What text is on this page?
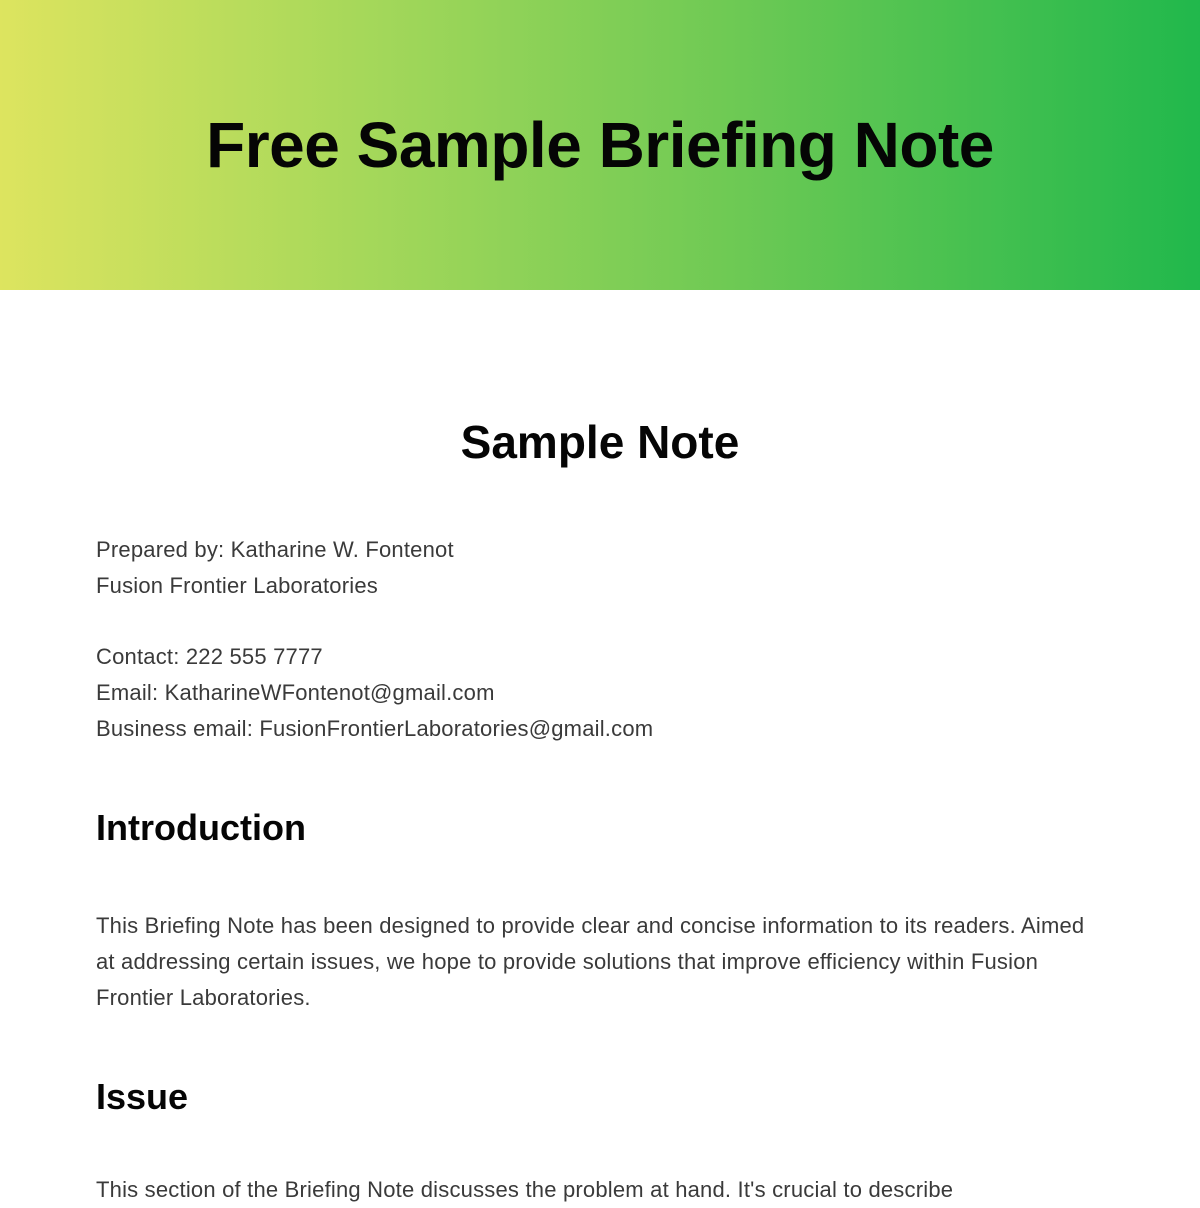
Free Sample Briefing Note
Sample Note
Prepared by: Katharine W. Fontenot
Fusion Frontier Laboratories
Contact: 222 555 7777
Email: KatharineWFontenot@gmail.com
Business email: FusionFrontierLaboratories@gmail.com
Introduction

This Briefing Note has been designed to provide clear and concise information to its readers. Aimed at addressing certain issues, we hope to provide solutions that improve efficiency within Fusion Frontier Laboratories.

Issue

This section of the Briefing Note discusses the problem at hand. It's crucial to describe
